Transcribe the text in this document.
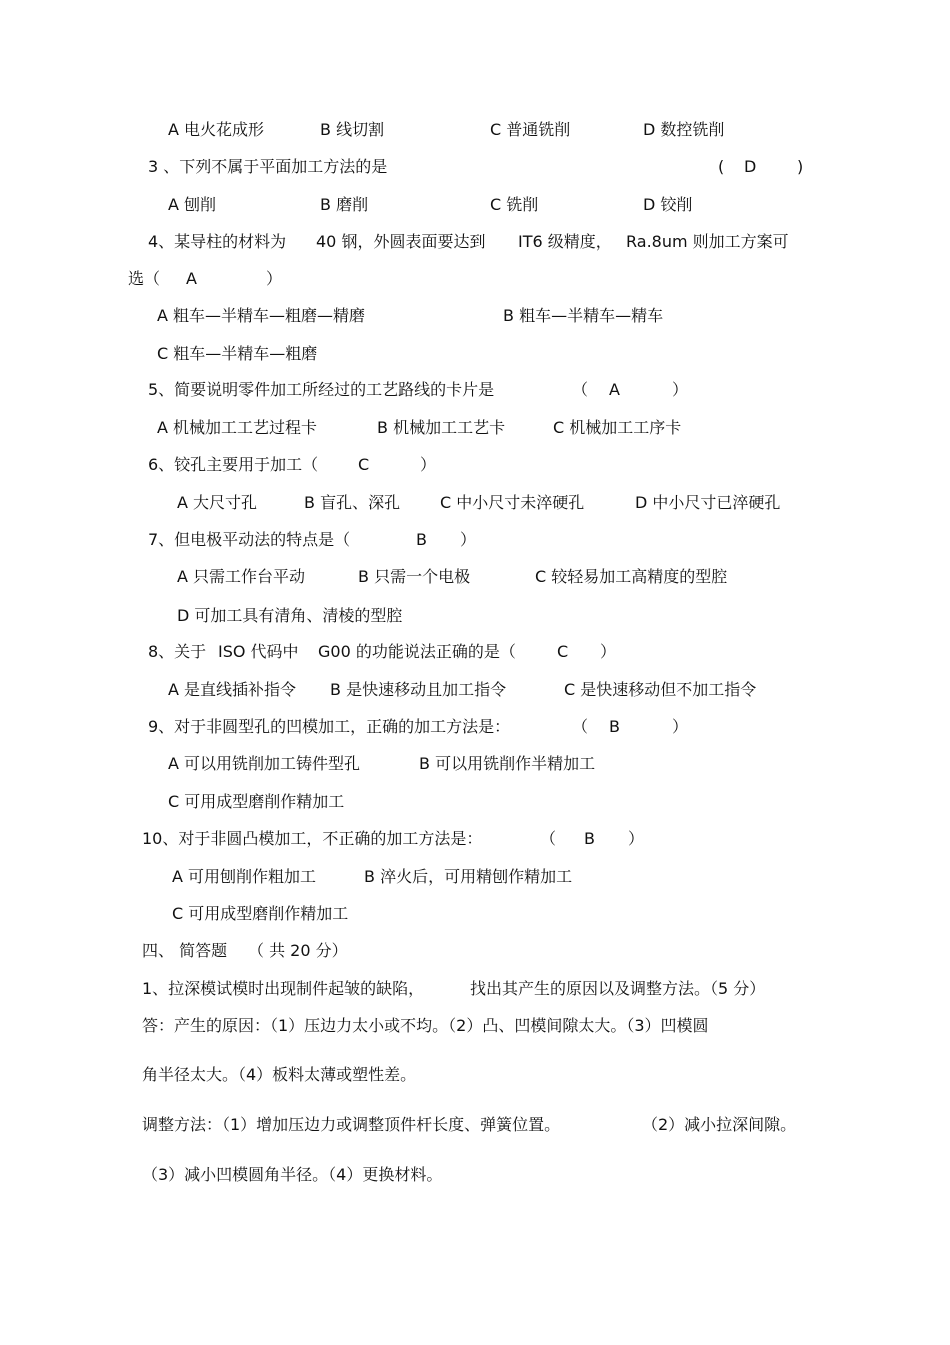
A 电火花成形	B 线切割	C 普通铣削	D 数控铣削
3 、下列不属于平面加工方法的是	( D	)
A 刨削	B 磨削	C 铣削	D 铰削
4、某导柱的材料为 40 钢，外圆表面要达到 IT6 级精度， Ra.8um 则加工方案可
选（ A	）
A 粗车—半精车—粗磨—精磨	B 粗车—半精车—精车
C 粗车—半精车—粗磨
5、简要说明零件加工所经过的工艺路线的卡片是	（ A	）
A 机械加工工艺过程卡	B 机械加工工艺卡	C 机械加工工序卡
6、铰孔主要用于加工（ C	）
A 大尺寸孔	B 盲孔、深孔 C 中小尺寸未淬硬孔	D 中小尺寸已淬硬孔
7、但电极平动法的特点是（	B ）
A 只需工作台平动	B 只需一个电极	C 较轻易加工高精度的型腔
D 可加工具有清角、清棱的型腔
8、关于 ISO 代码中 G00 的功能说法正确的是（	C ）
A 是直线插补指令 B 是快速移动且加工指令	C 是快速移动但不加工指令
9、对于非圆型孔的凹模加工，正确的加工方法是：	（ B	）
A 可以用铣削加工铸件型孔	B 可以用铣削作半精加工
C 可用成型磨削作精加工
10、对于非圆凸模加工，不正确的加工方法是：	（ B ）
A 可用刨削作粗加工	B 淬火后，可用精刨作精加工
C 可用成型磨削作精加工
四、 简答题 （ 共 20 分）
1、拉深模试模时出现制件起皱的缺陷，	找出其产生的原因以及调整方法。（5 分）
答：产生的原因：（1）压边力太小或不均。（2）凸、凹模间隙太大。（3）凹模圆
角半径太大。（4）板料太薄或塑性差。
调整方法：（1）增加压边力或调整顶件杆长度、弹簧位置。	（2）减小拉深间隙。
（3）减小凹模圆角半径。（4）更换材料。
